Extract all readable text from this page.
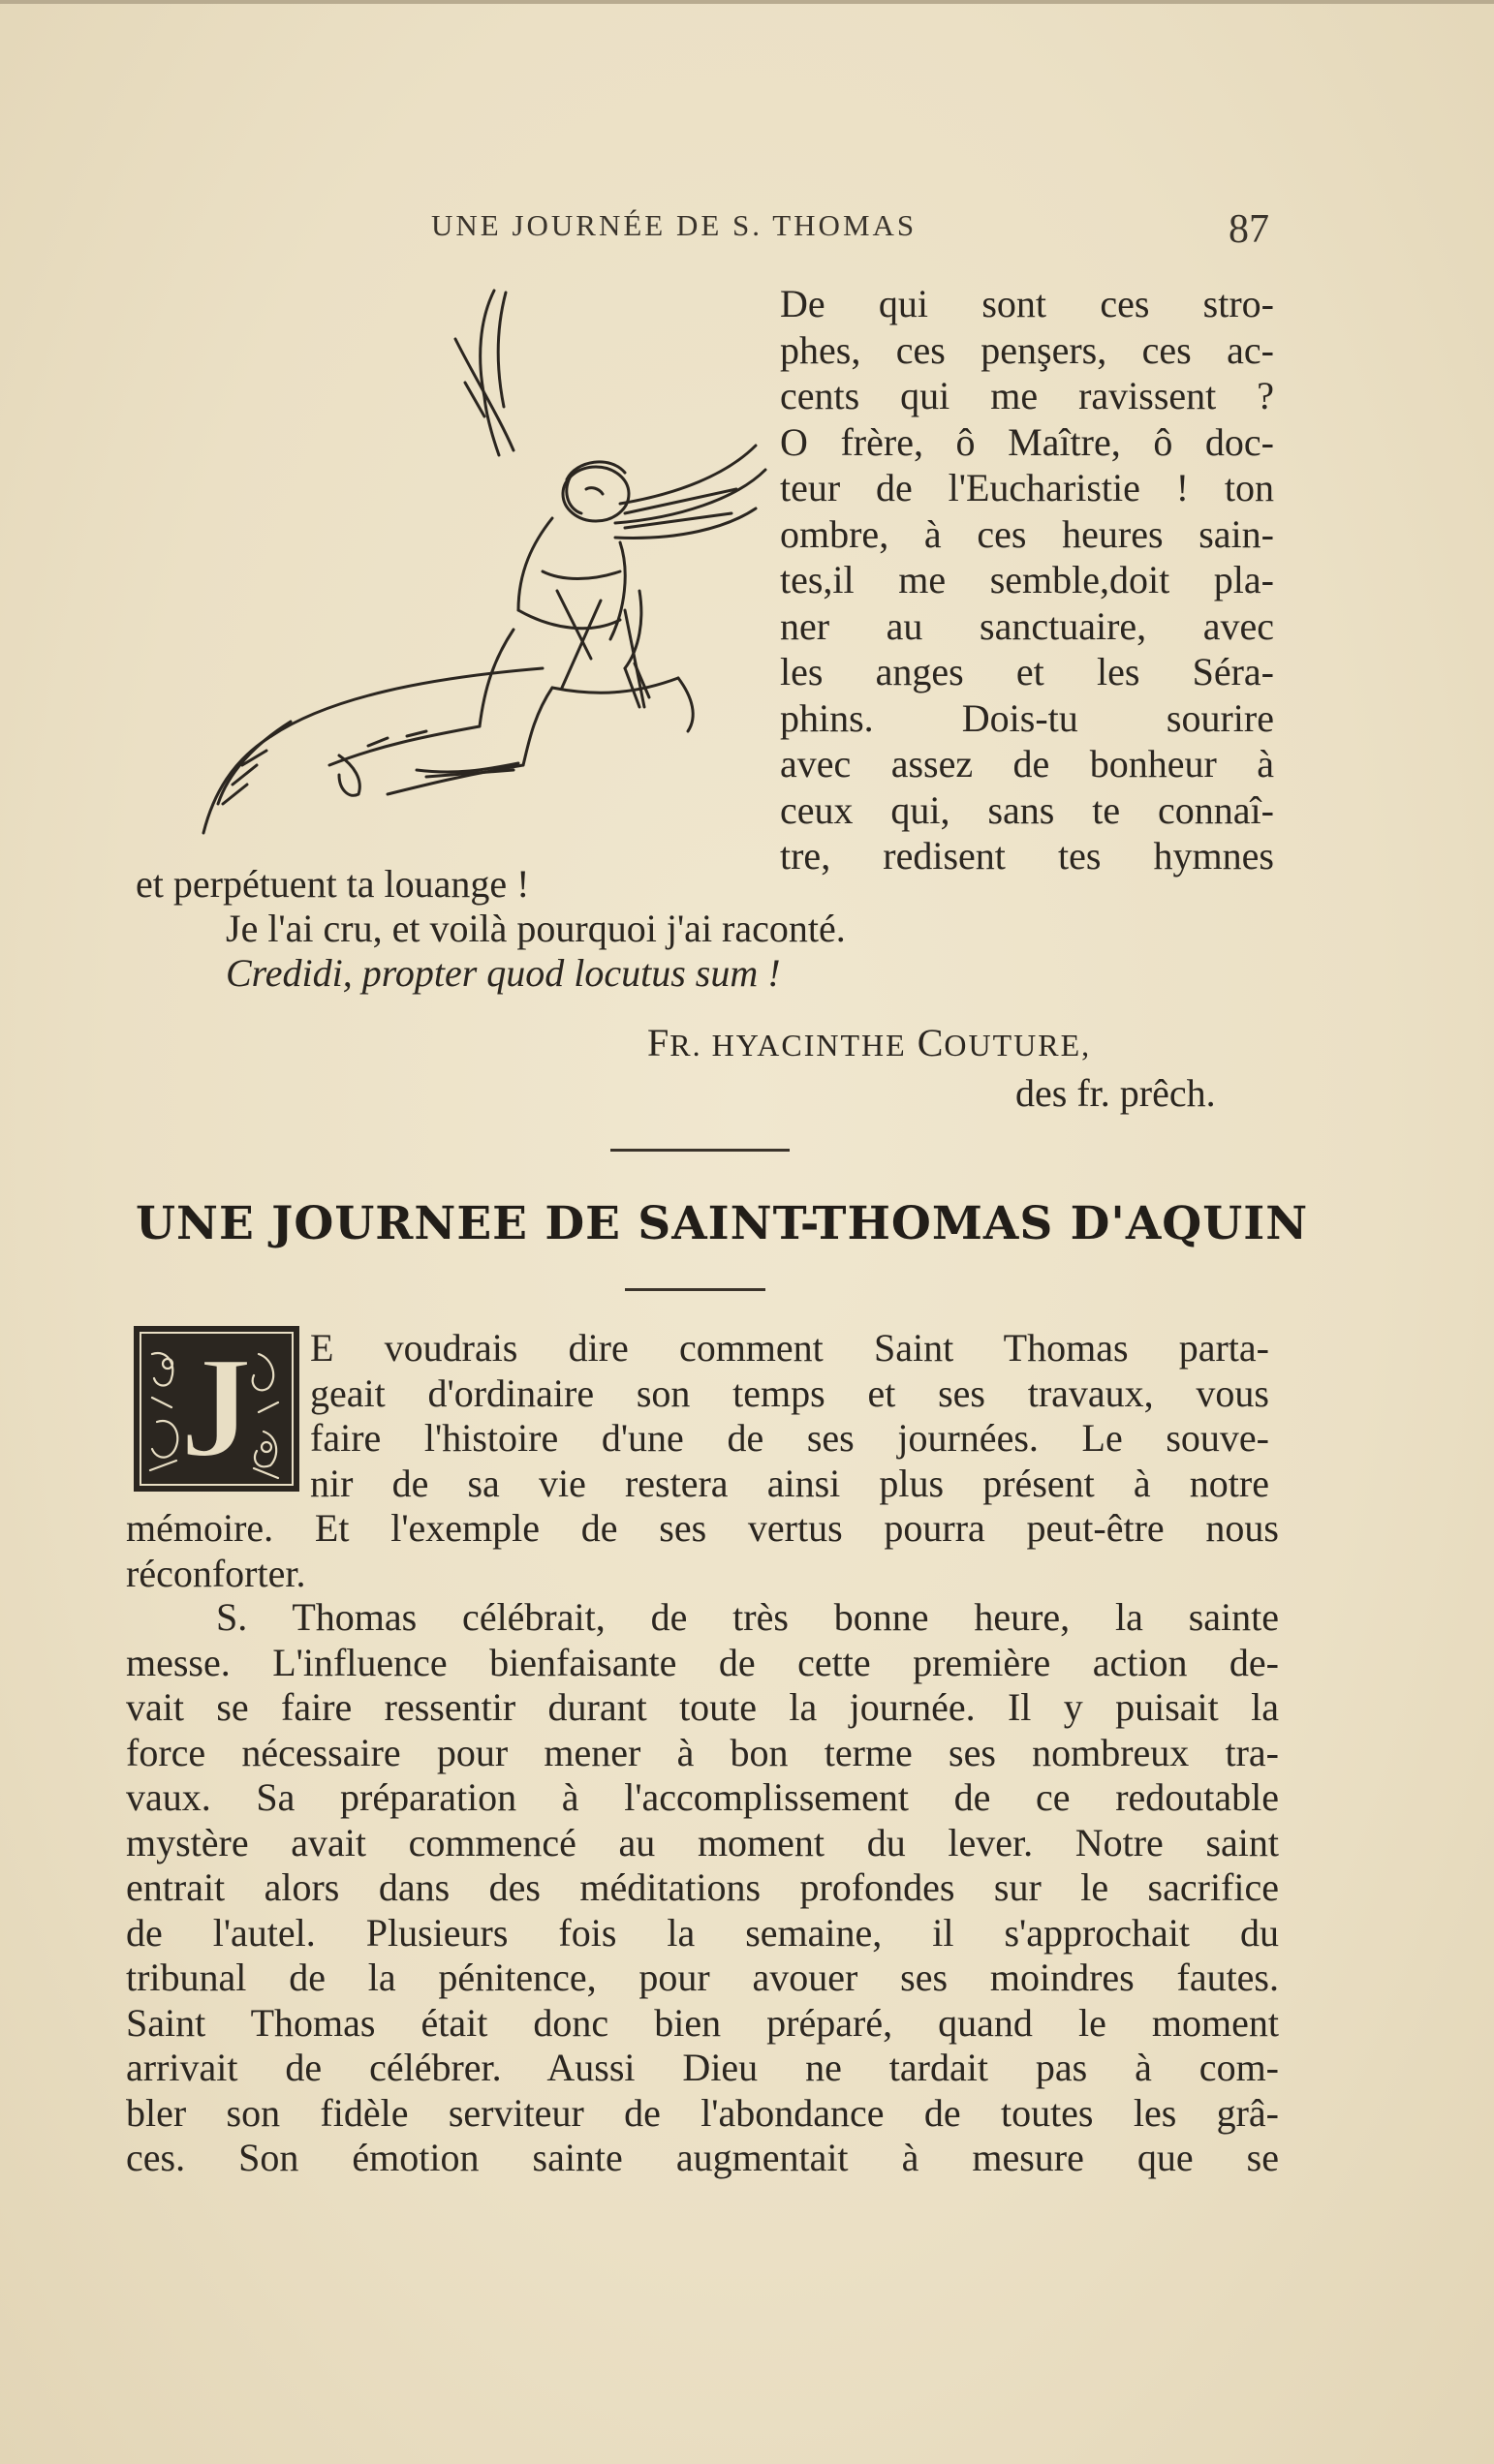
UNE JOURNÉE DE S. THOMAS	87
De qui sont ces stro-
phes, ces penşers, ces ac-
cents qui me ravissent ?
O frère, ô Maître, ô doc-
teur de l'Eucharistie ! ton
ombre, à ces heures sain-
tes,il me semble,doit pla-
ner au sanctuaire, avec
les anges et les Séra-
phins. Dois-tu sourire
avec assez de bonheur à
ceux qui, sans te connaî-
tre, redisent tes hymnes
et perpétuent ta louange !
Je l'ai cru, et voilà pourquoi j'ai raconté.
Credidi, propter quod locutus sum !
FR. HYACINTHE COUTURE,
des fr. prêch.
UNE JOURNEE DE SAINT-THOMAS D'AQUIN
J E voudrais dire comment Saint Thomas parta-
geait d'ordinaire son temps et ses travaux, vous
faire l'histoire d'une de ses journées. Le souve-
nir de sa vie restera ainsi plus présent à notre
mémoire. Et l'exemple de ses vertus pourra peut-être nous
réconforter.
S. Thomas célébrait, de très bonne heure, la sainte
messe. L'influence bienfaisante de cette première action de-
vait se faire ressentir durant toute la journée. Il y puisait la
force nécessaire pour mener à bon terme ses nombreux tra-
vaux. Sa préparation à l'accomplissement de ce redoutable
mystère avait commencé au moment du lever. Notre saint
entrait alors dans des méditations profondes sur le sacrifice
de l'autel. Plusieurs fois la semaine, il s'approchait du
tribunal de la pénitence, pour avouer ses moindres fautes.
Saint Thomas était donc bien préparé, quand le moment
arrivait de célébrer. Aussi Dieu ne tardait pas à com-
bler son fidèle serviteur de l'abondance de toutes les grâ-
ces. Son émotion sainte augmentait à mesure que se
